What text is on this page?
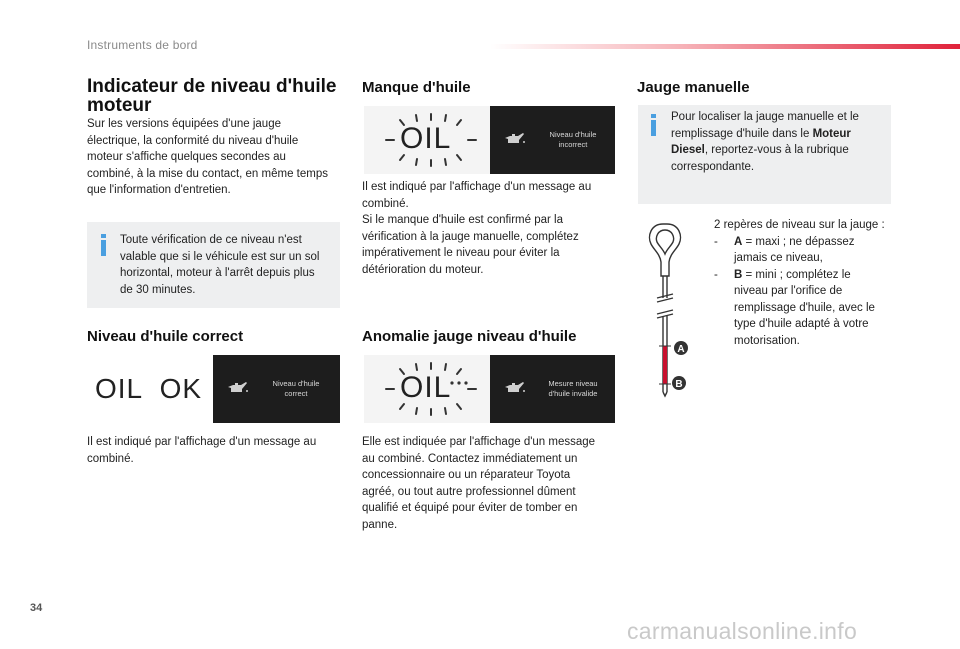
Instruments de bord
Indicateur de niveau d'huile
moteur
Sur les versions équipées d'une jauge
électrique, la conformité du niveau d'huile
moteur s'affiche quelques secondes au
combiné, à la mise du contact, en même temps
que l'information d'entretien.
Toute vérification de ce niveau n'est
valable que si le véhicule est sur un sol
horizontal, moteur à l'arrêt depuis plus
de 30 minutes.
Niveau d'huile correct
OIL  OK	Niveau d'huile
correct
Il est indiqué par l'affichage d'un message au
combiné.
Manque d'huile
OIL	Niveau d'huile
incorrect
Il est indiqué par l'affichage d'un message au
combiné.
Si le manque d'huile est confirmé par la
vérification à la jauge manuelle, complétez
impérativement le niveau pour éviter la
détérioration du moteur.
Anomalie jauge niveau d'huile
OIL	Mesure niveau
d'huile invalide
Elle est indiquée par l'affichage d'un message
au combiné. Contactez immédiatement un
concessionnaire ou un réparateur Toyota
agréé, ou tout autre professionnel dûment
qualifié et équipé pour éviter de tomber en
panne.
Jauge manuelle
Pour localiser la jauge manuelle et le
remplissage d'huile dans le Moteur
Diesel, reportez-vous à la rubrique
correspondante.
A
B
2 repères de niveau sur la jauge :
- A = maxi ; ne dépassez
jamais ce niveau,
- B = mini ; complétez le
niveau par l'orifice de
remplissage d'huile, avec le
type d'huile adapté à votre
motorisation.
34
carmanualsonline.info
